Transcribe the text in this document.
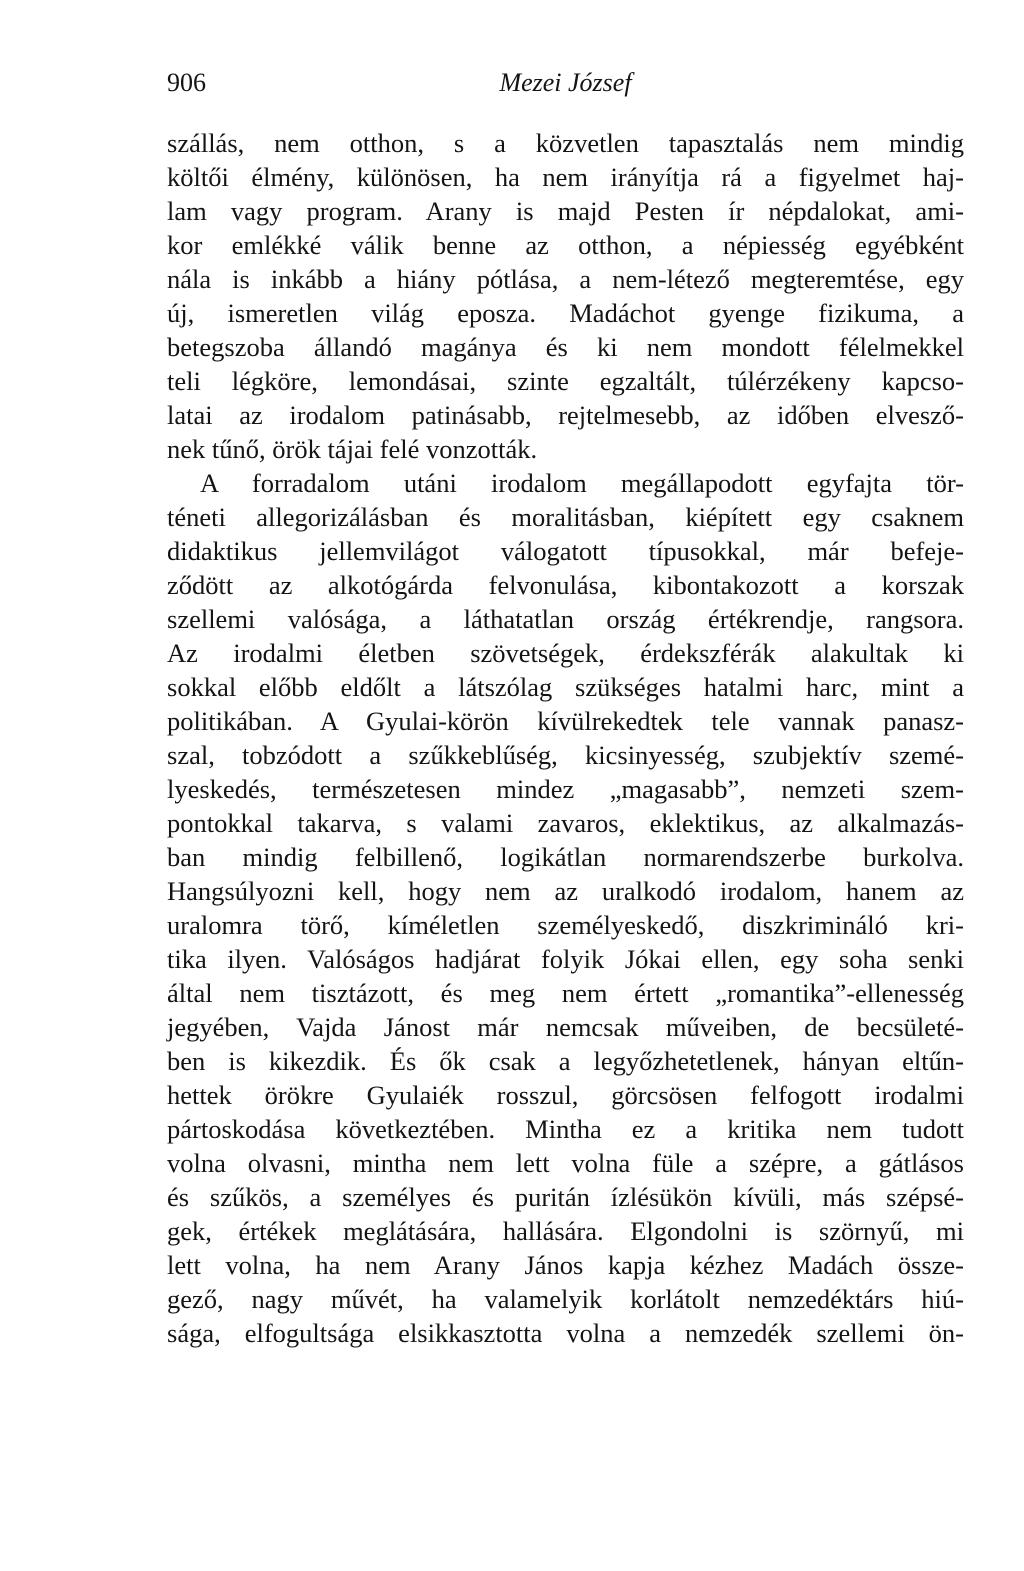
906	Mezei József
szállás, nem otthon, s a közvetlen tapasztalás nem mindig
költői élmény, különösen, ha nem irányítja rá a figyelmet haj-
lam vagy program. Arany is majd Pesten ír népdalokat, ami-
kor emlékké válik benne az otthon, a népiesség egyébként
nála is inkább a hiány pótlása, a nem-létező megteremtése, egy
új, ismeretlen világ eposza. Madáchot gyenge fizikuma, a
betegszoba állandó magánya és ki nem mondott félelmekkel
teli légköre, lemondásai, szinte egzaltált, túlérzékeny kapcso-
latai az irodalom patinásabb, rejtelmesebb, az időben elvesző-
nek tűnő, örök tájai felé vonzották.
A forradalom utáni irodalom megállapodott egyfajta tör-
téneti allegorizálásban és moralitásban, kiépített egy csaknem
didaktikus jellemvilágot válogatott típusokkal, már befeje-
ződött az alkotógárda felvonulása, kibontakozott a korszak
szellemi valósága, a láthatatlan ország értékrendje, rangsora.
Az irodalmi életben szövetségek, érdekszférák alakultak ki
sokkal előbb eldőlt a látszólag szükséges hatalmi harc, mint a
politikában. A Gyulai-körön kívülrekedtek tele vannak panasz-
szal, tobzódott a szűkkeblűség, kicsinyesség, szubjektív szemé-
lyeskedés, természetesen mindez „magasabb”, nemzeti szem-
pontokkal takarva, s valami zavaros, eklektikus, az alkalmazás-
ban mindig felbillenő, logikátlan normarendszerbe burkolva.
Hangsúlyozni kell, hogy nem az uralkodó irodalom, hanem az
uralomra törő, kíméletlen személyeskedő, diszkrimináló kri-
tika ilyen. Valóságos hadjárat folyik Jókai ellen, egy soha senki
által nem tisztázott, és meg nem értett „romantika”-ellenesség
jegyében, Vajda Jánost már nemcsak műveiben, de becsületé-
ben is kikezdik. És ők csak a legyőzhetetlenek, hányan eltűn-
hettek örökre Gyulaiék rosszul, görcsösen felfogott irodalmi
pártoskodása következtében. Mintha ez a kritika nem tudott
volna olvasni, mintha nem lett volna füle a szépre, a gátlásos
és szűkös, a személyes és puritán ízlésükön kívüli, más szépsé-
gek, értékek meglátására, hallására. Elgondolni is szörnyű, mi
lett volna, ha nem Arany János kapja kézhez Madách össze-
gező, nagy művét, ha valamelyik korlátolt nemzedéktárs hiú-
sága, elfogultsága elsikkasztotta volna a nemzedék szellemi ön-
